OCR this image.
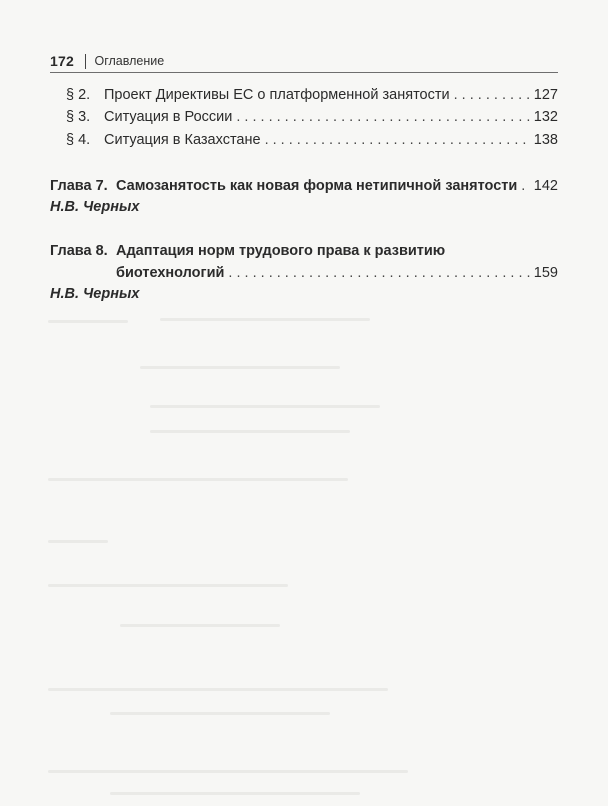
172 Оглавление
§ 2. Проект Директивы ЕС о платформенной занятости . . .	127
§ 3. Ситуация в России . . .	132
§ 4. Ситуация в Казахстане . . .	138
Глава 7. Самозанятость как новая форма нетипичной занятости . . . 142
Н.В. Черных
Глава 8. Адаптация норм трудового права к развитию
биотехнологий . . .	159
Н.В. Черных
